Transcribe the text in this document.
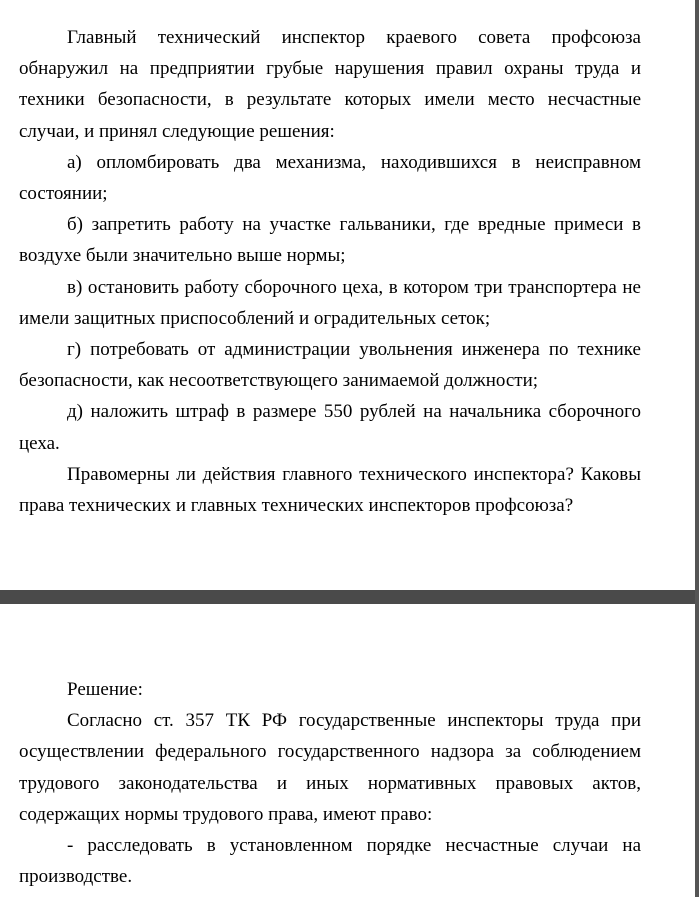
Главный технический инспектор краевого совета профсоюза обнаружил на предприятии грубые нарушения правил охраны труда и техники безопасности, в результате которых имели место несчастные случаи, и принял следующие решения:

а) опломбировать два механизма, находившихся в неисправном состоянии;

б) запретить работу на участке гальваники, где вредные примеси в воздухе были значительно выше нормы;

в) остановить работу сборочного цеха, в котором три транспортера не имели защитных приспособлений и оградительных сеток;

г) потребовать от администрации увольнения инженера по технике безопасности, как несоответствующего занимаемой должности;

д) наложить штраф в размере 550 рублей на начальника сборочного цеха.

Правомерны ли действия главного технического инспектора? Каковы права технических и главных технических инспекторов профсоюза?

Решение:

Согласно ст. 357 ТК РФ государственные инспекторы труда при осуществлении федерального государственного надзора за соблюдением трудового законодательства и иных нормативных правовых актов, содержащих нормы трудового права, имеют право:

- расследовать в установленном порядке несчастные случаи на производстве.
